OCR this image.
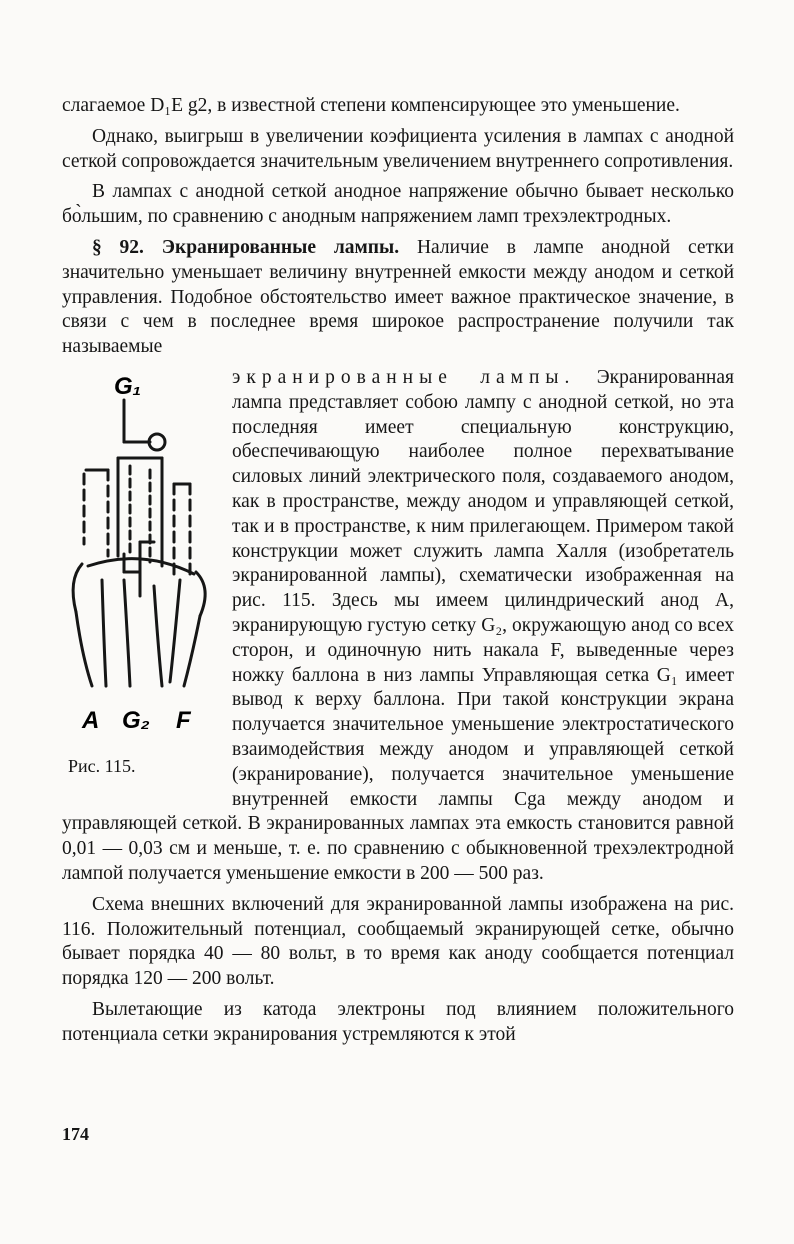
слагаемое D₁E g2, в известной степени компенсирующее это уменьшение.

Однако, выигрыш в увеличении коэфициента усиления в лампах с анодной сеткой сопровождается значительным увеличением внутреннего сопротивления.

В лампах с анодной сеткой анодное напряжение обычно бывает несколько бо̀льшим, по сравнению с анодным напряжением ламп трехэлектродных.

§ 92. Экранированные лампы. Наличие в лампе анодной сетки значительно уменьшает величину внутренней емкости между анодом и сеткой управления. Подобное обстоятельство имеет важное практическое значение, в связи с чем в последнее время широкое распространение получили так называемые

G₁
A G₂ F
Рис. 115.

экранированные лампы. Экранированная лампа представляет собою лампу с анодной сеткой, но эта последняя имеет специальную конструкцию, обеспечивающую наиболее полное перехватывание силовых линий электрического поля, создаваемого анодом, как в пространстве, между анодом и управляющей сеткой, так и в пространстве, к ним прилегающем. Примером такой конструкции может служить лампа Халля (изобретатель экранированной лампы), схематически изображенная на рис. 115. Здесь мы имеем цилиндрический анод A, экранирующую густую сетку G₂, окружающую анод со всех сторон, и одиночную нить накала F, выведенные через ножку баллона в низ лампы Управляющая сетка G₁ имеет вывод к верху баллона. При такой конструкции экрана получается значительное уменьшение электростатического взаимодействия между анодом и управляющей сеткой (экранирование), получается значительное уменьшение внутренней емкости лампы Cga между анодом и управляющей сеткой. В экранированных лампах эта емкость становится равной 0,01 — 0,03 см и меньше, т. е. по сравнению с обыкновенной трехэлектродной лампой получается уменьшение емкости в 200 — 500 раз.

Схема внешних включений для экранированной лампы изображена на рис. 116. Положительный потенциал, сообщаемый экранирующей сетке, обычно бывает порядка 40 — 80 вольт, в то время как аноду сообщается потенциал порядка 120 — 200 вольт.

Вылетающие из катода электроны под влиянием положительного потенциала сетки экранирования устремляются к этой

174
